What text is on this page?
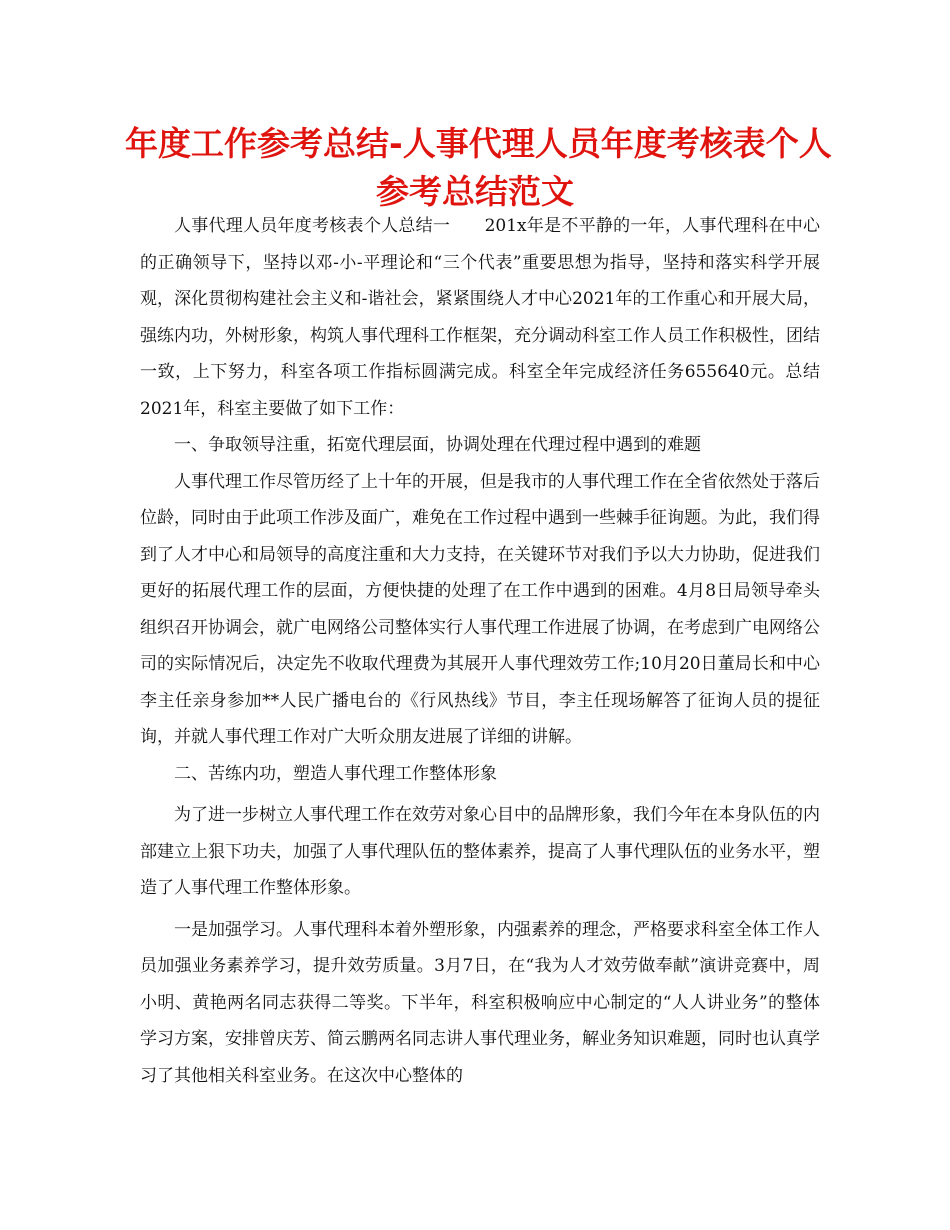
年度工作参考总结-人事代理人员年度考核表个人
参考总结范文

人事代理人员年度考核表个人总结一　　201x年是不平静的一年，人事代理科在中心的正确领导下，坚持以邓-小-平理论和“三个代表”重要思想为指导，坚持和落实科学开展观，深化贯彻构建社会主义和-谐社会，紧紧围绕人才中心2021年的工作重心和开展大局，强练内功，外树形象，构筑人事代理科工作框架，充分调动科室工作人员工作积极性，团结一致，上下努力，科室各项工作指标圆满完成。科室全年完成经济任务655640元。总结2021年，科室主要做了如下工作：

一、争取领导注重，拓宽代理层面，协调处理在代理过程中遇到的难题

人事代理工作尽管历经了上十年的开展，但是我市的人事代理工作在全省依然处于落后位龄，同时由于此项工作涉及面广，难免在工作过程中遇到一些棘手征询题。为此，我们得到了人才中心和局领导的高度注重和大力支持，在关键环节对我们予以大力协助，促进我们更好的拓展代理工作的层面，方便快捷的处理了在工作中遇到的困难。4月8日局领导牵头组织召开协调会，就广电网络公司整体实行人事代理工作进展了协调，在考虑到广电网络公司的实际情况后，决定先不收取代理费为其展开人事代理效劳工作;10月20日董局长和中心李主任亲身参加**人民广播电台的《行风热线》节目，李主任现场解答了征询人员的提征询，并就人事代理工作对广大听众朋友进展了详细的讲解。

二、苦练内功，塑造人事代理工作整体形象

为了进一步树立人事代理工作在效劳对象心目中的品牌形象，我们今年在本身队伍的内部建立上狠下功夫，加强了人事代理队伍的整体素养，提高了人事代理队伍的业务水平，塑造了人事代理工作整体形象。

一是加强学习。人事代理科本着外塑形象，内强素养的理念，严格要求科室全体工作人员加强业务素养学习，提升效劳质量。3月7日，在“我为人才效劳做奉献”演讲竞赛中，周小明、黄艳两名同志获得二等奖。下半年，科室积极响应中心制定的“人人讲业务”的整体学习方案，安排曾庆芳、简云鹏两名同志讲人事代理业务，解业务知识难题，同时也认真学习了其他相关科室业务。在这次中心整体的
